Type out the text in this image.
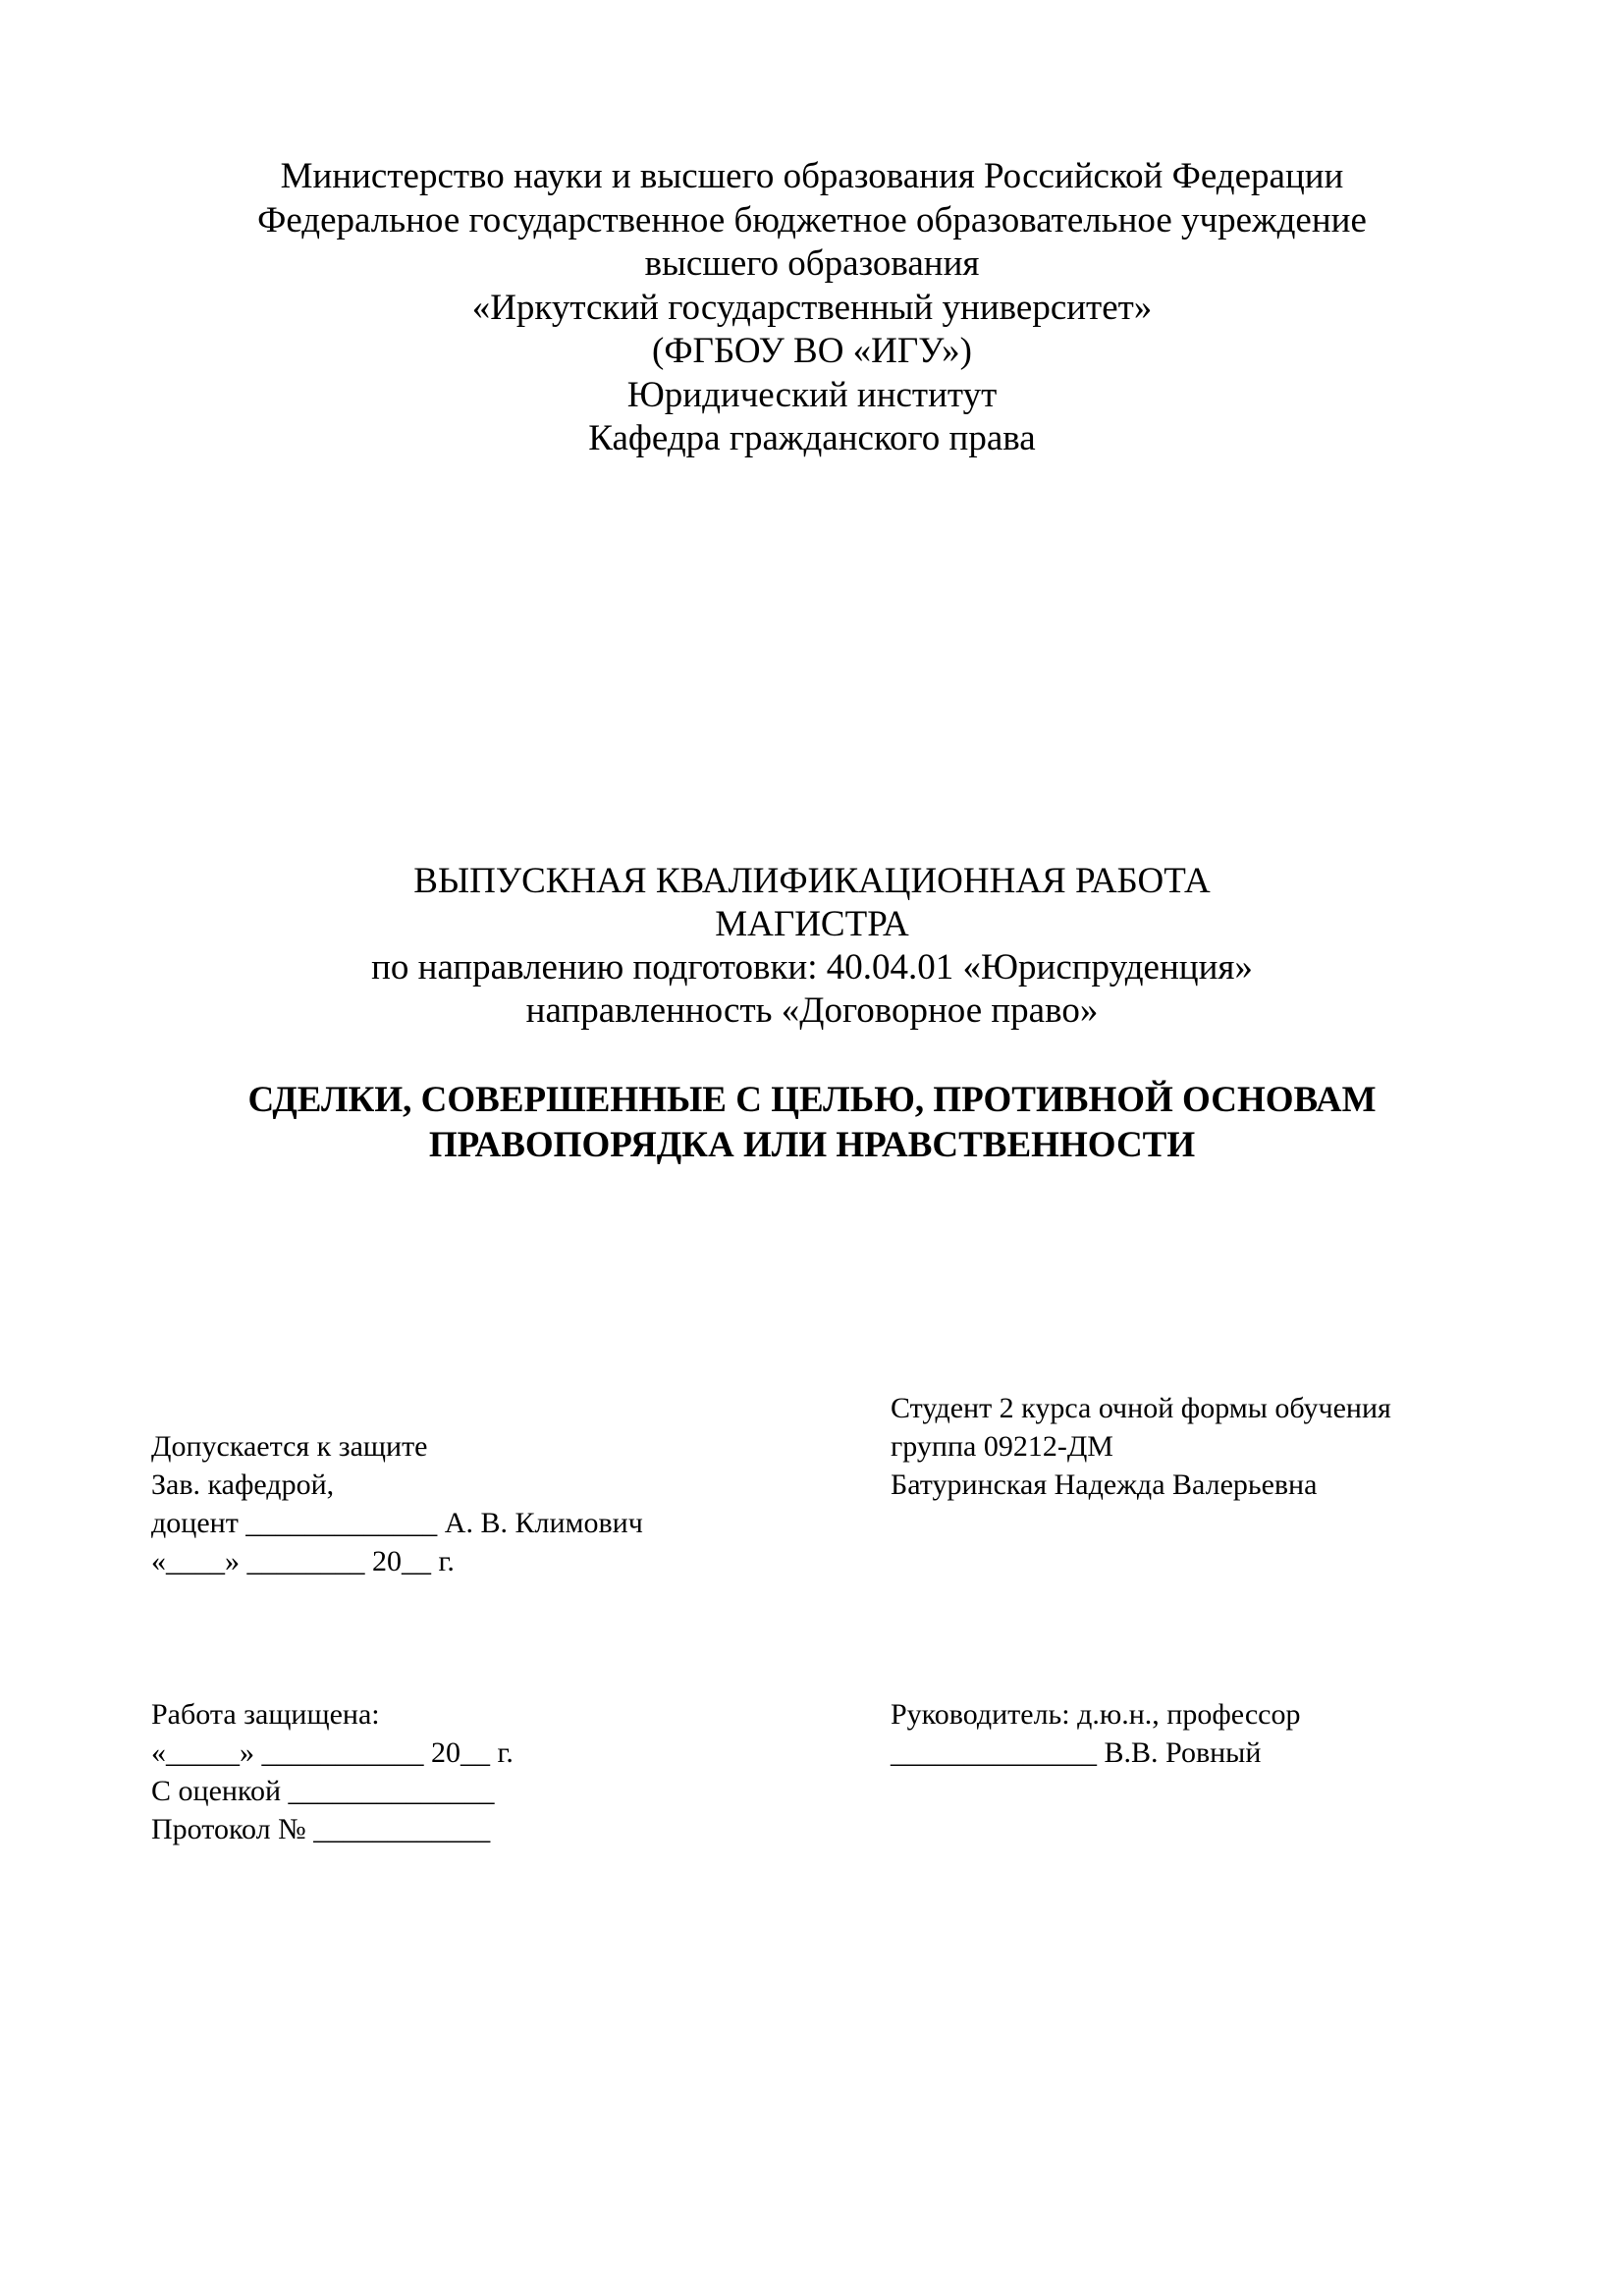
Министерство науки и высшего образования Российской Федерации
Федеральное государственное бюджетное образовательное учреждение
высшего образования
«Иркутский государственный университет»
(ФГБОУ ВО «ИГУ»)
Юридический институт
Кафедра гражданского права
ВЫПУСКНАЯ КВАЛИФИКАЦИОННАЯ РАБОТА
МАГИСТРА
по направлению подготовки: 40.04.01 «Юриспруденция»
направленность «Договорное право»
СДЕЛКИ, СОВЕРШЕННЫЕ С ЦЕЛЬЮ, ПРОТИВНОЙ ОСНОВАМ
ПРАВОПОРЯДКА ИЛИ НРАВСТВЕННОСТИ
Студент 2 курса очной формы обучения
группа 09212-ДМ
Батуринская Надежда Валерьевна
Допускается к защите
Зав. кафедрой,
доцент _____________ А. В. Климович
«____» ________ 20__ г.
Работа защищена:
«_____» ___________ 20__ г.
С оценкой ______________
Протокол № ____________
Руководитель: д.ю.н., профессор
______________ В.В. Ровный
